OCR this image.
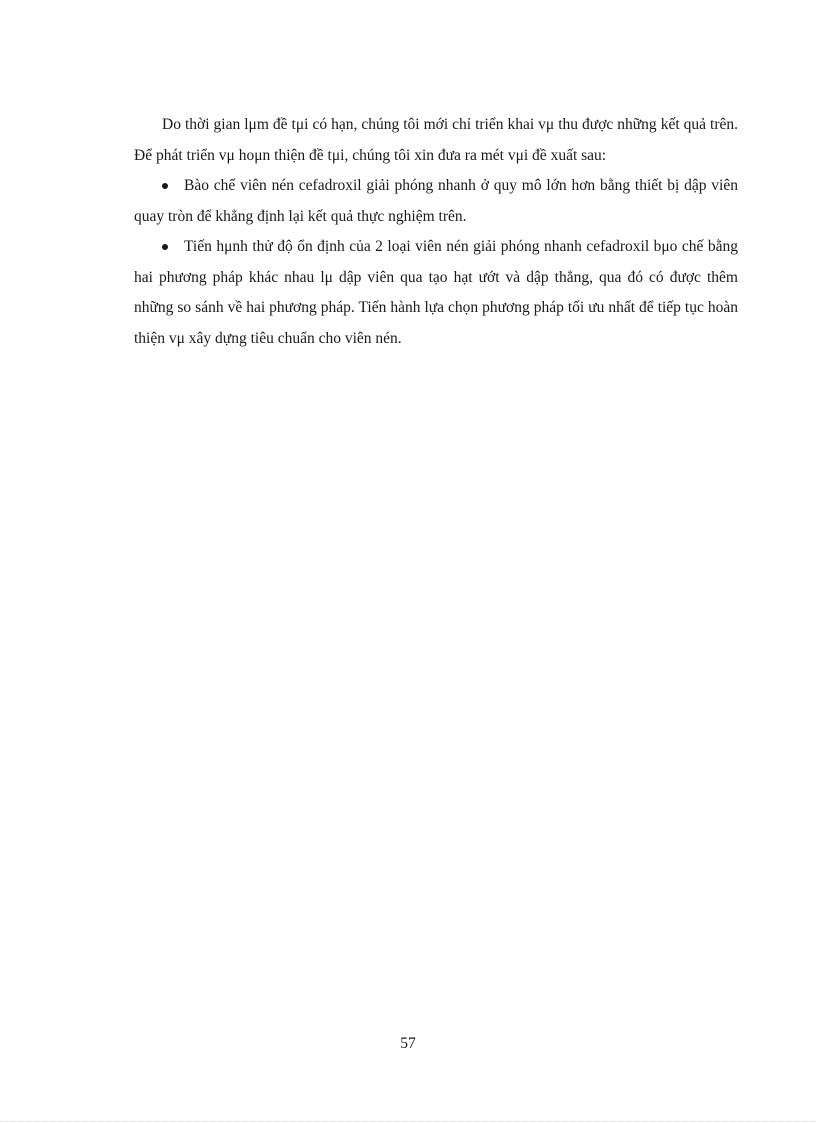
Do thời gian lμm đề tμi có hạn, chúng tôi mới chỉ triển khai vμ thu được những kết quả trên. Để phát triển vμ hoμn thiện đề tμi, chúng tôi xin đưa ra mét vμi đề xuất sau:

Bào chế viên nén cefadroxil giải phóng nhanh ở quy mô lớn hơn bằng thiết bị dập viên quay tròn để khẳng định lại kết quả thực nghiệm trên.
Tiến hμnh thử độ ổn định của 2 loại viên nén giải phóng nhanh cefadroxil bμo chế bằng hai phương pháp khác nhau lμ dập viên qua tạo hạt ướt và dập thẳng, qua đó có được thêm những so sánh về hai phương pháp. Tiến hành lựa chọn phương pháp tối ưu nhất để tiếp tục hoàn thiện vμ xây dựng tiêu chuẩn cho viên nén.
57
